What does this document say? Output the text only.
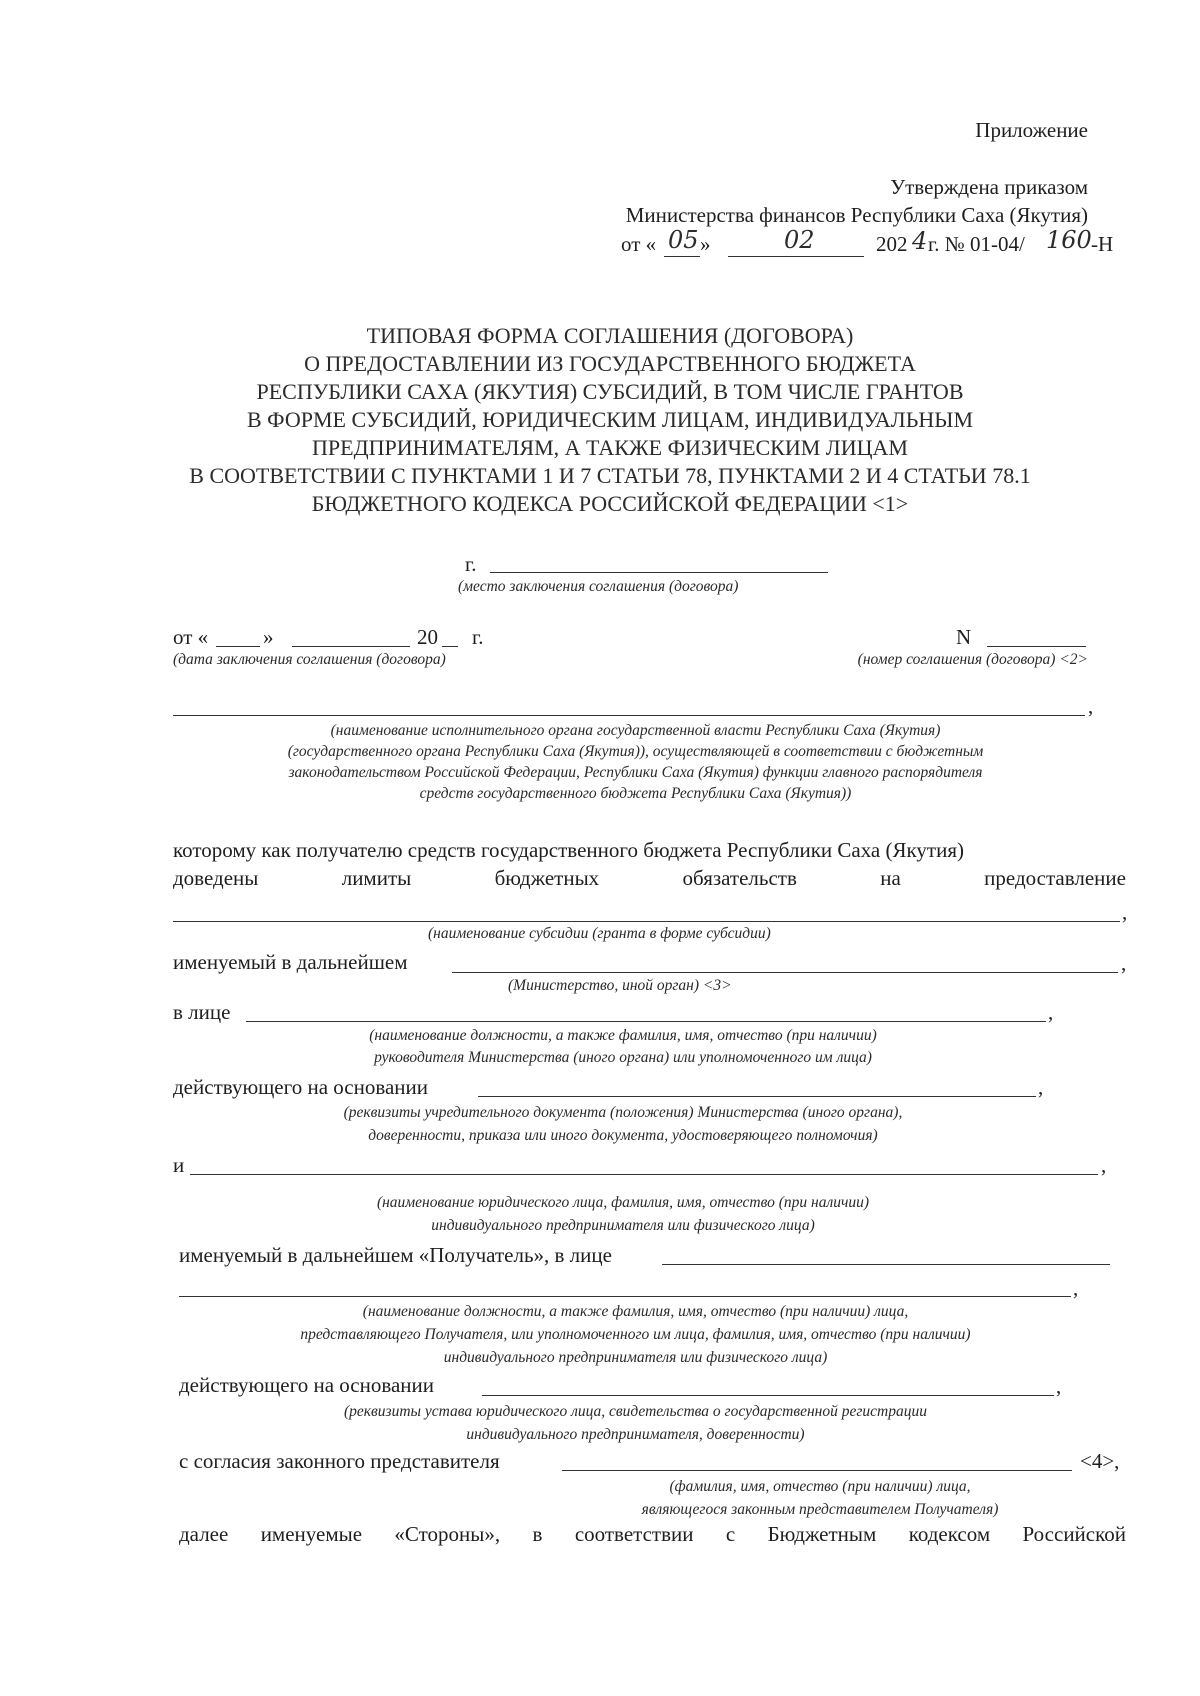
Приложение
Утверждена приказом
Министерства финансов Республики Саха (Якутия)
от « 05 »	02	202 4 г. № 01-04/ 160 -Н
ТИПОВАЯ ФОРМА СОГЛАШЕНИЯ (ДОГОВОРА)
О ПРЕДОСТАВЛЕНИИ ИЗ ГОСУДАРСТВЕННОГО БЮДЖЕТА
РЕСПУБЛИКИ САХА (ЯКУТИЯ) СУБСИДИЙ, В ТОМ ЧИСЛЕ ГРАНТОВ
В ФОРМЕ СУБСИДИЙ, ЮРИДИЧЕСКИМ ЛИЦАМ, ИНДИВИДУАЛЬНЫМ
ПРЕДПРИНИМАТЕЛЯМ, А ТАКЖЕ ФИЗИЧЕСКИМ ЛИЦАМ
В СООТВЕТСТВИИ С ПУНКТАМИ 1 И 7 СТАТЬИ 78, ПУНКТАМИ 2 И 4 СТАТЬИ 78.1
БЮДЖЕТНОГО КОДЕКСА РОССИЙСКОЙ ФЕДЕРАЦИИ <1>
г.
(место заключения соглашения (договора)
от «	»	20 г.
(дата заключения соглашения (договора)
N
(номер соглашения (договора) <2>
,
(наименование исполнительного органа государственной власти Республики Саха (Якутия)
(государственного органа Республики Саха (Якутия)), осуществляющей в соответствии с бюджетным
законодательством Российской Федерации, Республики Саха (Якутия) функции главного распорядителя
средств государственного бюджета Республики Саха (Якутия))
которому как получателю средств государственного бюджета Республики Саха (Якутия)
доведены	лимиты	бюджетных	обязательств	на	предоставление
,
(наименование субсидии (гранта в форме субсидии)
именуемый в дальнейшем	,
(Министерство, иной орган) <3>
в лице	,
(наименование должности, а также фамилия, имя, отчество (при наличии)
руководителя Министерства (иного органа) или уполномоченного им лица)
действующего на основании	,
(реквизиты учредительного документа (положения) Министерства (иного органа),
доверенности, приказа или иного документа, удостоверяющего полномочия)
и	,
(наименование юридического лица, фамилия, имя, отчество (при наличии)
индивидуального предпринимателя или физического лица)
именуемый в дальнейшем «Получатель», в лице
,
(наименование должности, а также фамилия, имя, отчество (при наличии) лица,
представляющего Получателя, или уполномоченного им лица, фамилия, имя, отчество (при наличии)
индивидуального предпринимателя или физического лица)
действующего на основании	,
(реквизиты устава юридического лица, свидетельства о государственной регистрации
индивидуального предпринимателя, доверенности)
с согласия законного представителя	<4>,
(фамилия, имя, отчество (при наличии) лица,
являющегося законным представителем Получателя)
далее именуемые «Стороны», в соответствии с Бюджетным кодексом Российской
